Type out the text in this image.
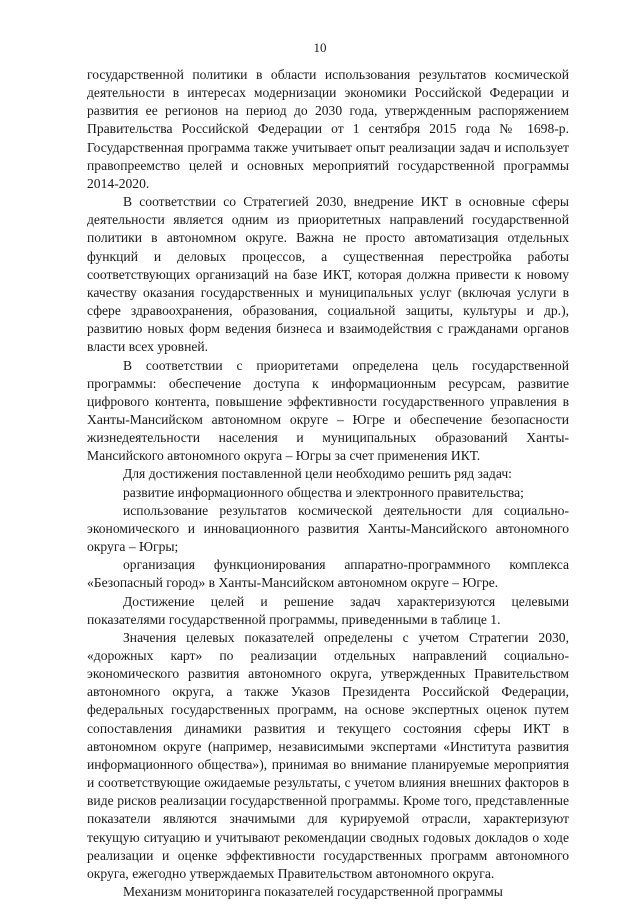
10

государственной политики в области использования результатов космической деятельности в интересах модернизации экономики Российской Федерации и развития ее регионов на период до 2030 года, утвержденным распоряжением Правительства Российской Федерации от 1 сентября 2015 года № 1698-р. Государственная программа также учитывает опыт реализации задач и использует правопреемство целей и основных мероприятий государственной программы 2014-2020.

В соответствии со Стратегией 2030, внедрение ИКТ в основные сферы деятельности является одним из приоритетных направлений государственной политики в автономном округе. Важна не просто автоматизация отдельных функций и деловых процессов, а существенная перестройка работы соответствующих организаций на базе ИКТ, которая должна привести к новому качеству оказания государственных и муниципальных услуг (включая услуги в сфере здравоохранения, образования, социальной защиты, культуры и др.), развитию новых форм ведения бизнеса и взаимодействия с гражданами органов власти всех уровней.

В соответствии с приоритетами определена цель государственной программы: обеспечение доступа к информационным ресурсам, развитие цифрового контента, повышение эффективности государственного управления в Ханты-Мансийском автономном округе – Югре и обеспечение безопасности жизнедеятельности населения и муниципальных образований Ханты-Мансийского автономного округа – Югры за счет применения ИКТ.

Для достижения поставленной цели необходимо решить ряд задач:

развитие информационного общества и электронного правительства;

использование результатов космической деятельности для социально-экономического и инновационного развития Ханты-Мансийского автономного округа – Югры;

организация функционирования аппаратно-программного комплекса «Безопасный город» в Ханты-Мансийском автономном округе – Югре.

Достижение целей и решение задач характеризуются целевыми показателями государственной программы, приведенными в таблице 1.

Значения целевых показателей определены с учетом Стратегии 2030, «дорожных карт» по реализации отдельных направлений социально-экономического развития автономного округа, утвержденных Правительством автономного округа, а также Указов Президента Российской Федерации, федеральных государственных программ, на основе экспертных оценок путем сопоставления динамики развития и текущего состояния сферы ИКТ в автономном округе (например, независимыми экспертами «Института развития информационного общества»), принимая во внимание планируемые мероприятия и соответствующие ожидаемые результаты, с учетом влияния внешних факторов в виде рисков реализации государственной программы. Кроме того, представленные показатели являются значимыми для курируемой отрасли, характеризуют текущую ситуацию и учитывают рекомендации сводных годовых докладов о ходе реализации и оценке эффективности государственных программ автономного округа, ежегодно утверждаемых Правительством автономного округа.

Механизм мониторинга показателей государственной программы
